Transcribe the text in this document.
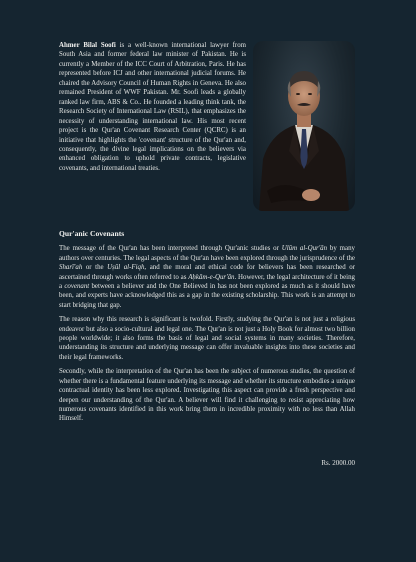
Ahmer Bilal Soofi is a well-known international lawyer from South Asia and former federal law minister of Pakistan. He is currently a Member of the ICC Court of Arbitration, Paris. He has represented before ICJ and other international judicial forums. He chaired the Advisory Council of Human Rights in Geneva. He also remained President of WWF Pakistan. Mr. Soofi leads a globally ranked law firm, ABS & Co.. He founded a leading think tank, the Research Society of International Law (RSIL), that emphasizes the necessity of understanding international law. His most recent project is the Qur'an Covenant Research Center (QCRC) is an initiative that highlights the 'covenant' structure of the Qur'an and, consequently, the divine legal implications on the believers via enhanced obligation to uphold private contracts, legislative covenants, and international treaties.

Qur'anic Covenants

The message of the Qur'an has been interpreted through Qur'anic studies or Ulūm al-Qur'ān by many authors over centuries. The legal aspects of the Qur'an have been explored through the jurisprudence of the Sharī'ah or the Uṣūl al-Fiqh, and the moral and ethical code for believers has been researched or ascertained through works often referred to as Aḥkām-e-Qur'ān. However, the legal architecture of it being a covenant between a believer and the One Believed in has not been explored as much as it should have been, and experts have acknowledged this as a gap in the existing scholarship. This work is an attempt to start bridging that gap.

The reason why this research is significant is twofold. Firstly, studying the Qur'an is not just a religious endeavor but also a socio-cultural and legal one. The Qur'an is not just a Holy Book for almost two billion people worldwide; it also forms the basis of legal and social systems in many societies. Therefore, understanding its structure and underlying message can offer invaluable insights into these societies and their legal frameworks.

Secondly, while the interpretation of the Qur'an has been the subject of numerous studies, the question of whether there is a fundamental feature underlying its message and whether its structure embodies a unique contractual identity has been less explored. Investigating this aspect can provide a fresh perspective and deepen our understanding of the Qur'an. A believer will find it challenging to resist appreciating how numerous covenants identified in this work bring them in incredible proximity with no less than Allah Himself.

Rs. 2000.00
